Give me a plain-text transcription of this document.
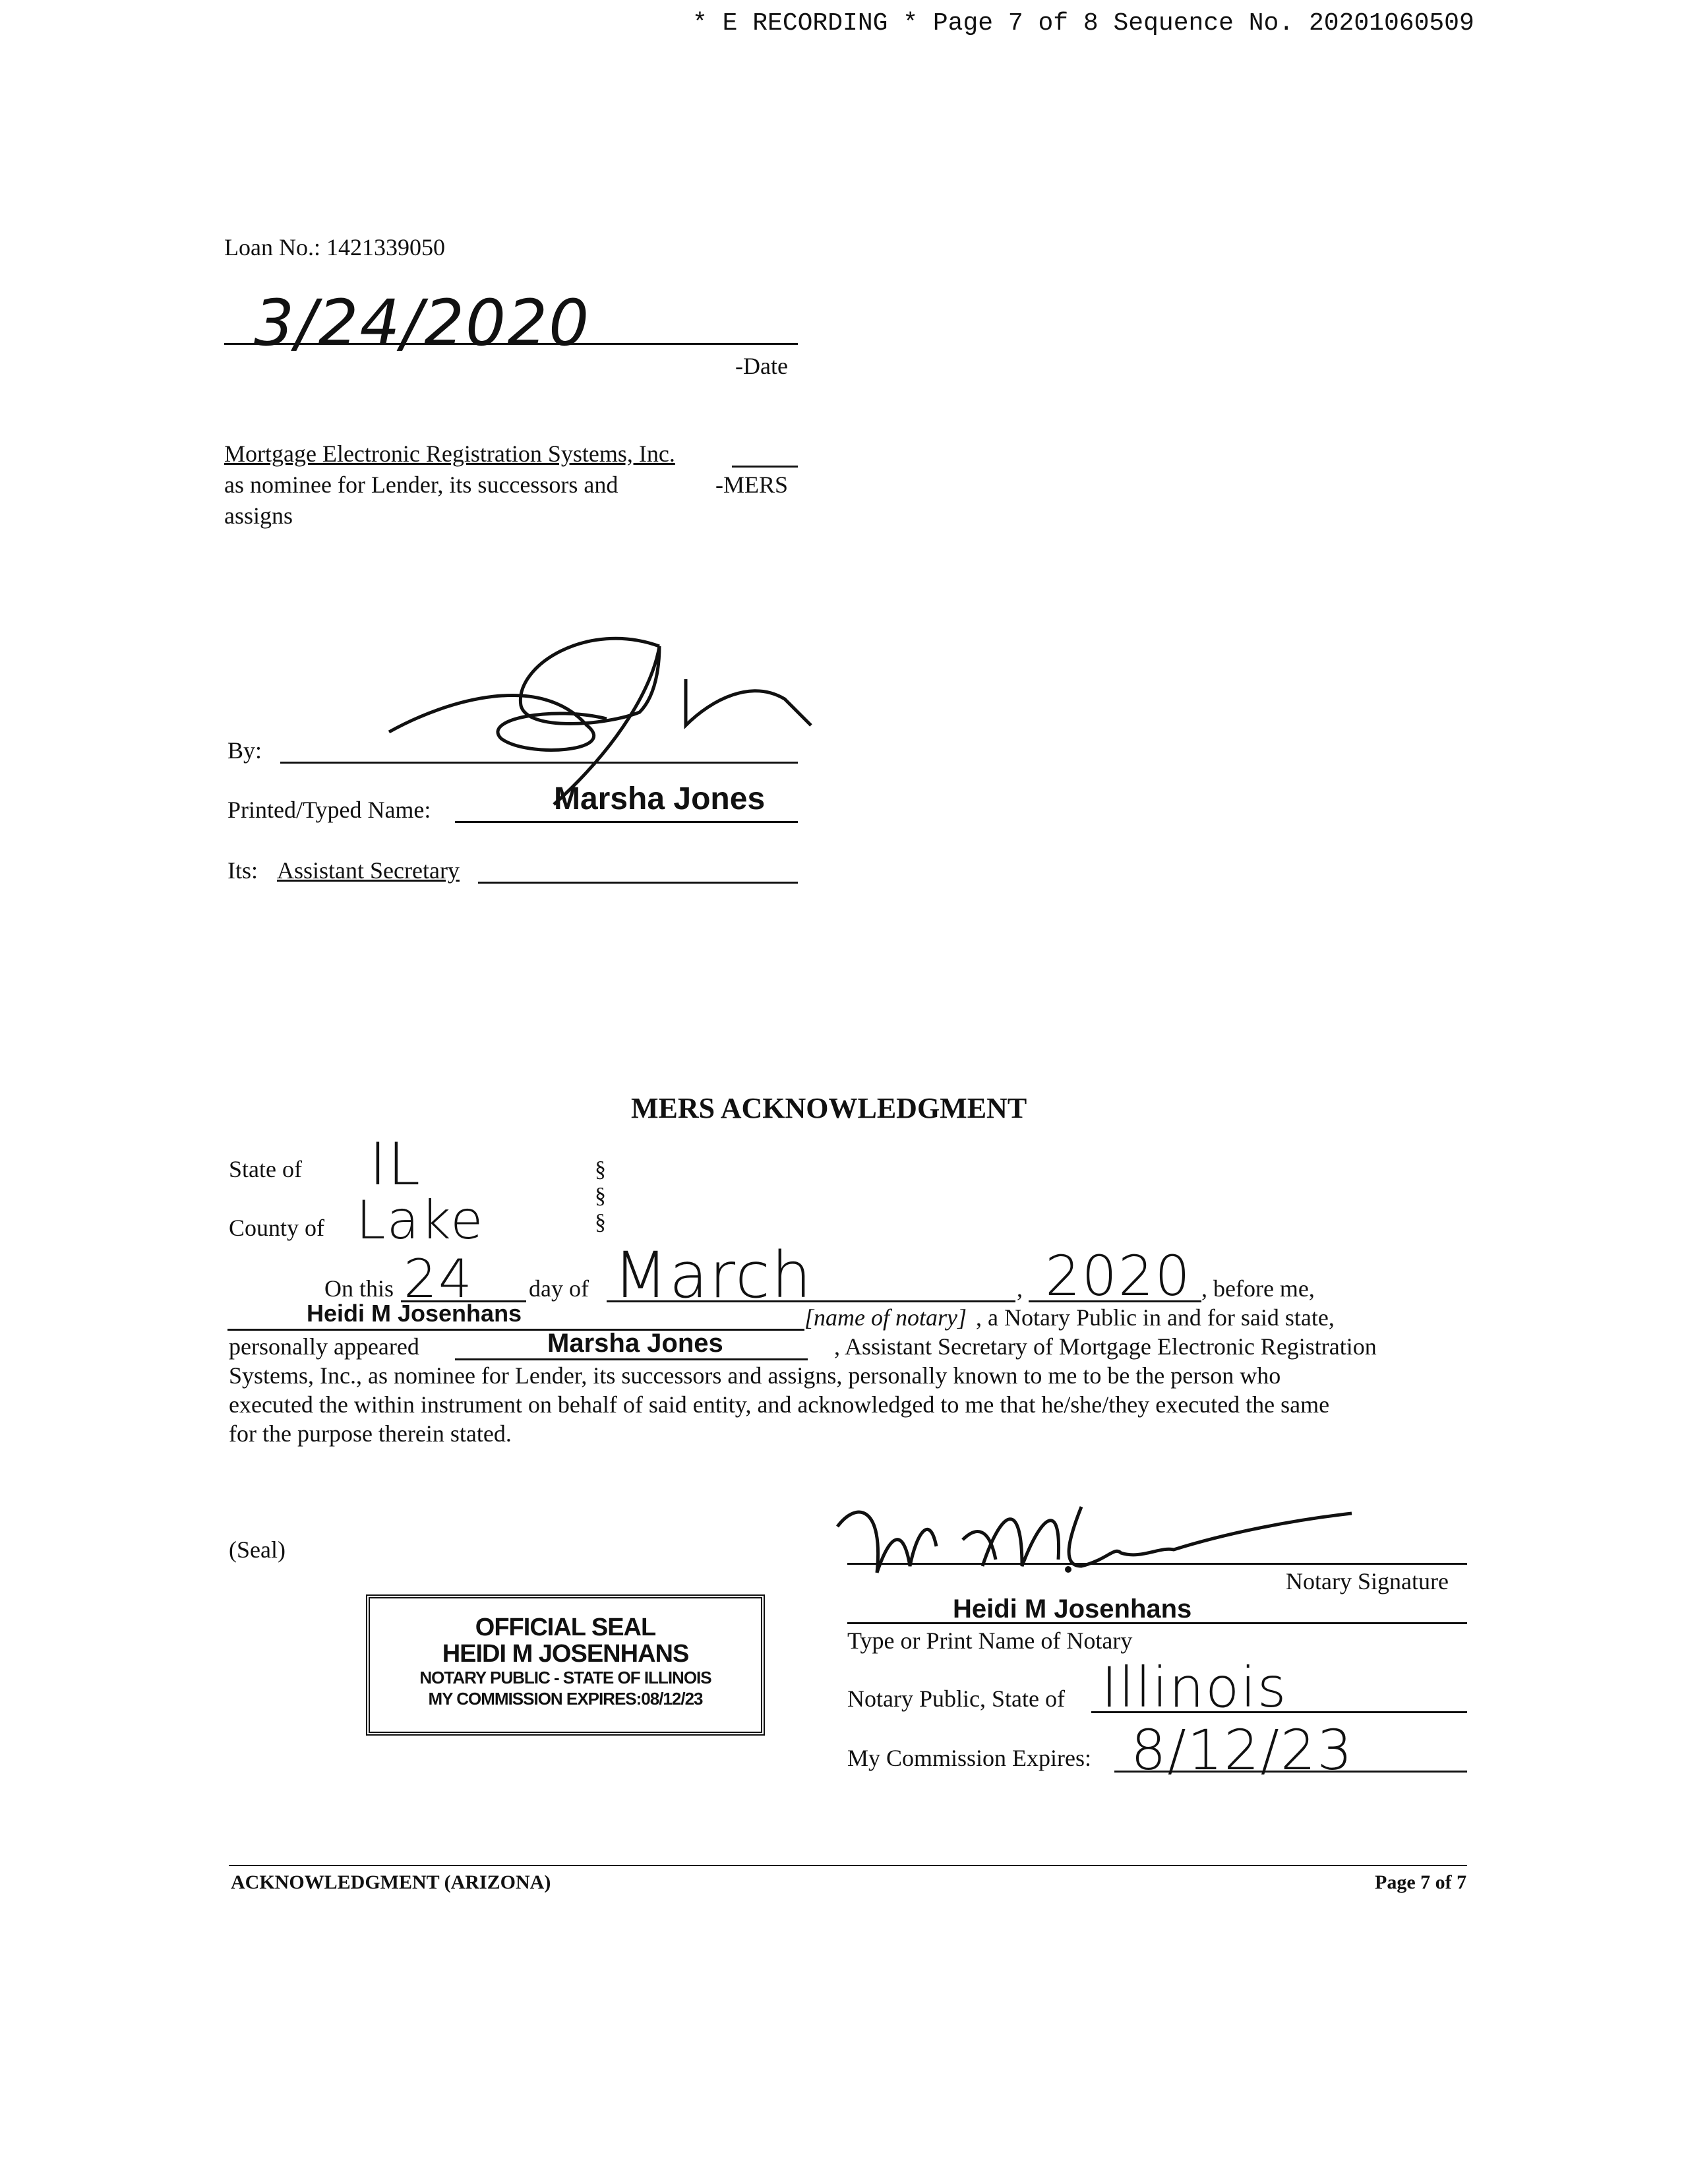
* E RECORDING * Page 7 of 8 Sequence No. 20201060509
Loan No.: 1421339050
3/24/2020
-Date
Mortgage Electronic Registration Systems, Inc.
as nominee for Lender, its successors and	-MERS
assigns
By:
Printed/Typed Name:	Marsha Jones
Its: Assistant Secretary
MERS ACKNOWLEDGMENT
State of IL
County of Lake
§
§
§
On this 24 day of March	, 2020 , before me,
Heidi M Josenhans	[name of notary] , a Notary Public in and for said state,
personally appeared	Marsha Jones	, Assistant Secretary of Mortgage Electronic Registration
Systems, Inc., as nominee for Lender, its successors and assigns, personally known to me to be the person who
executed the within instrument on behalf of said entity, and acknowledged to me that he/she/they executed the same
for the purpose therein stated.
(Seal)
OFFICIAL SEAL
HEIDI M JOSENHANS
NOTARY PUBLIC - STATE OF ILLINOIS
MY COMMISSION EXPIRES:08/12/23
Notary Signature
Heidi M Josenhans
Type or Print Name of Notary
Notary Public, State of Illinois
My Commission Expires: 8/12/23
ACKNOWLEDGMENT (ARIZONA)	Page 7 of 7
